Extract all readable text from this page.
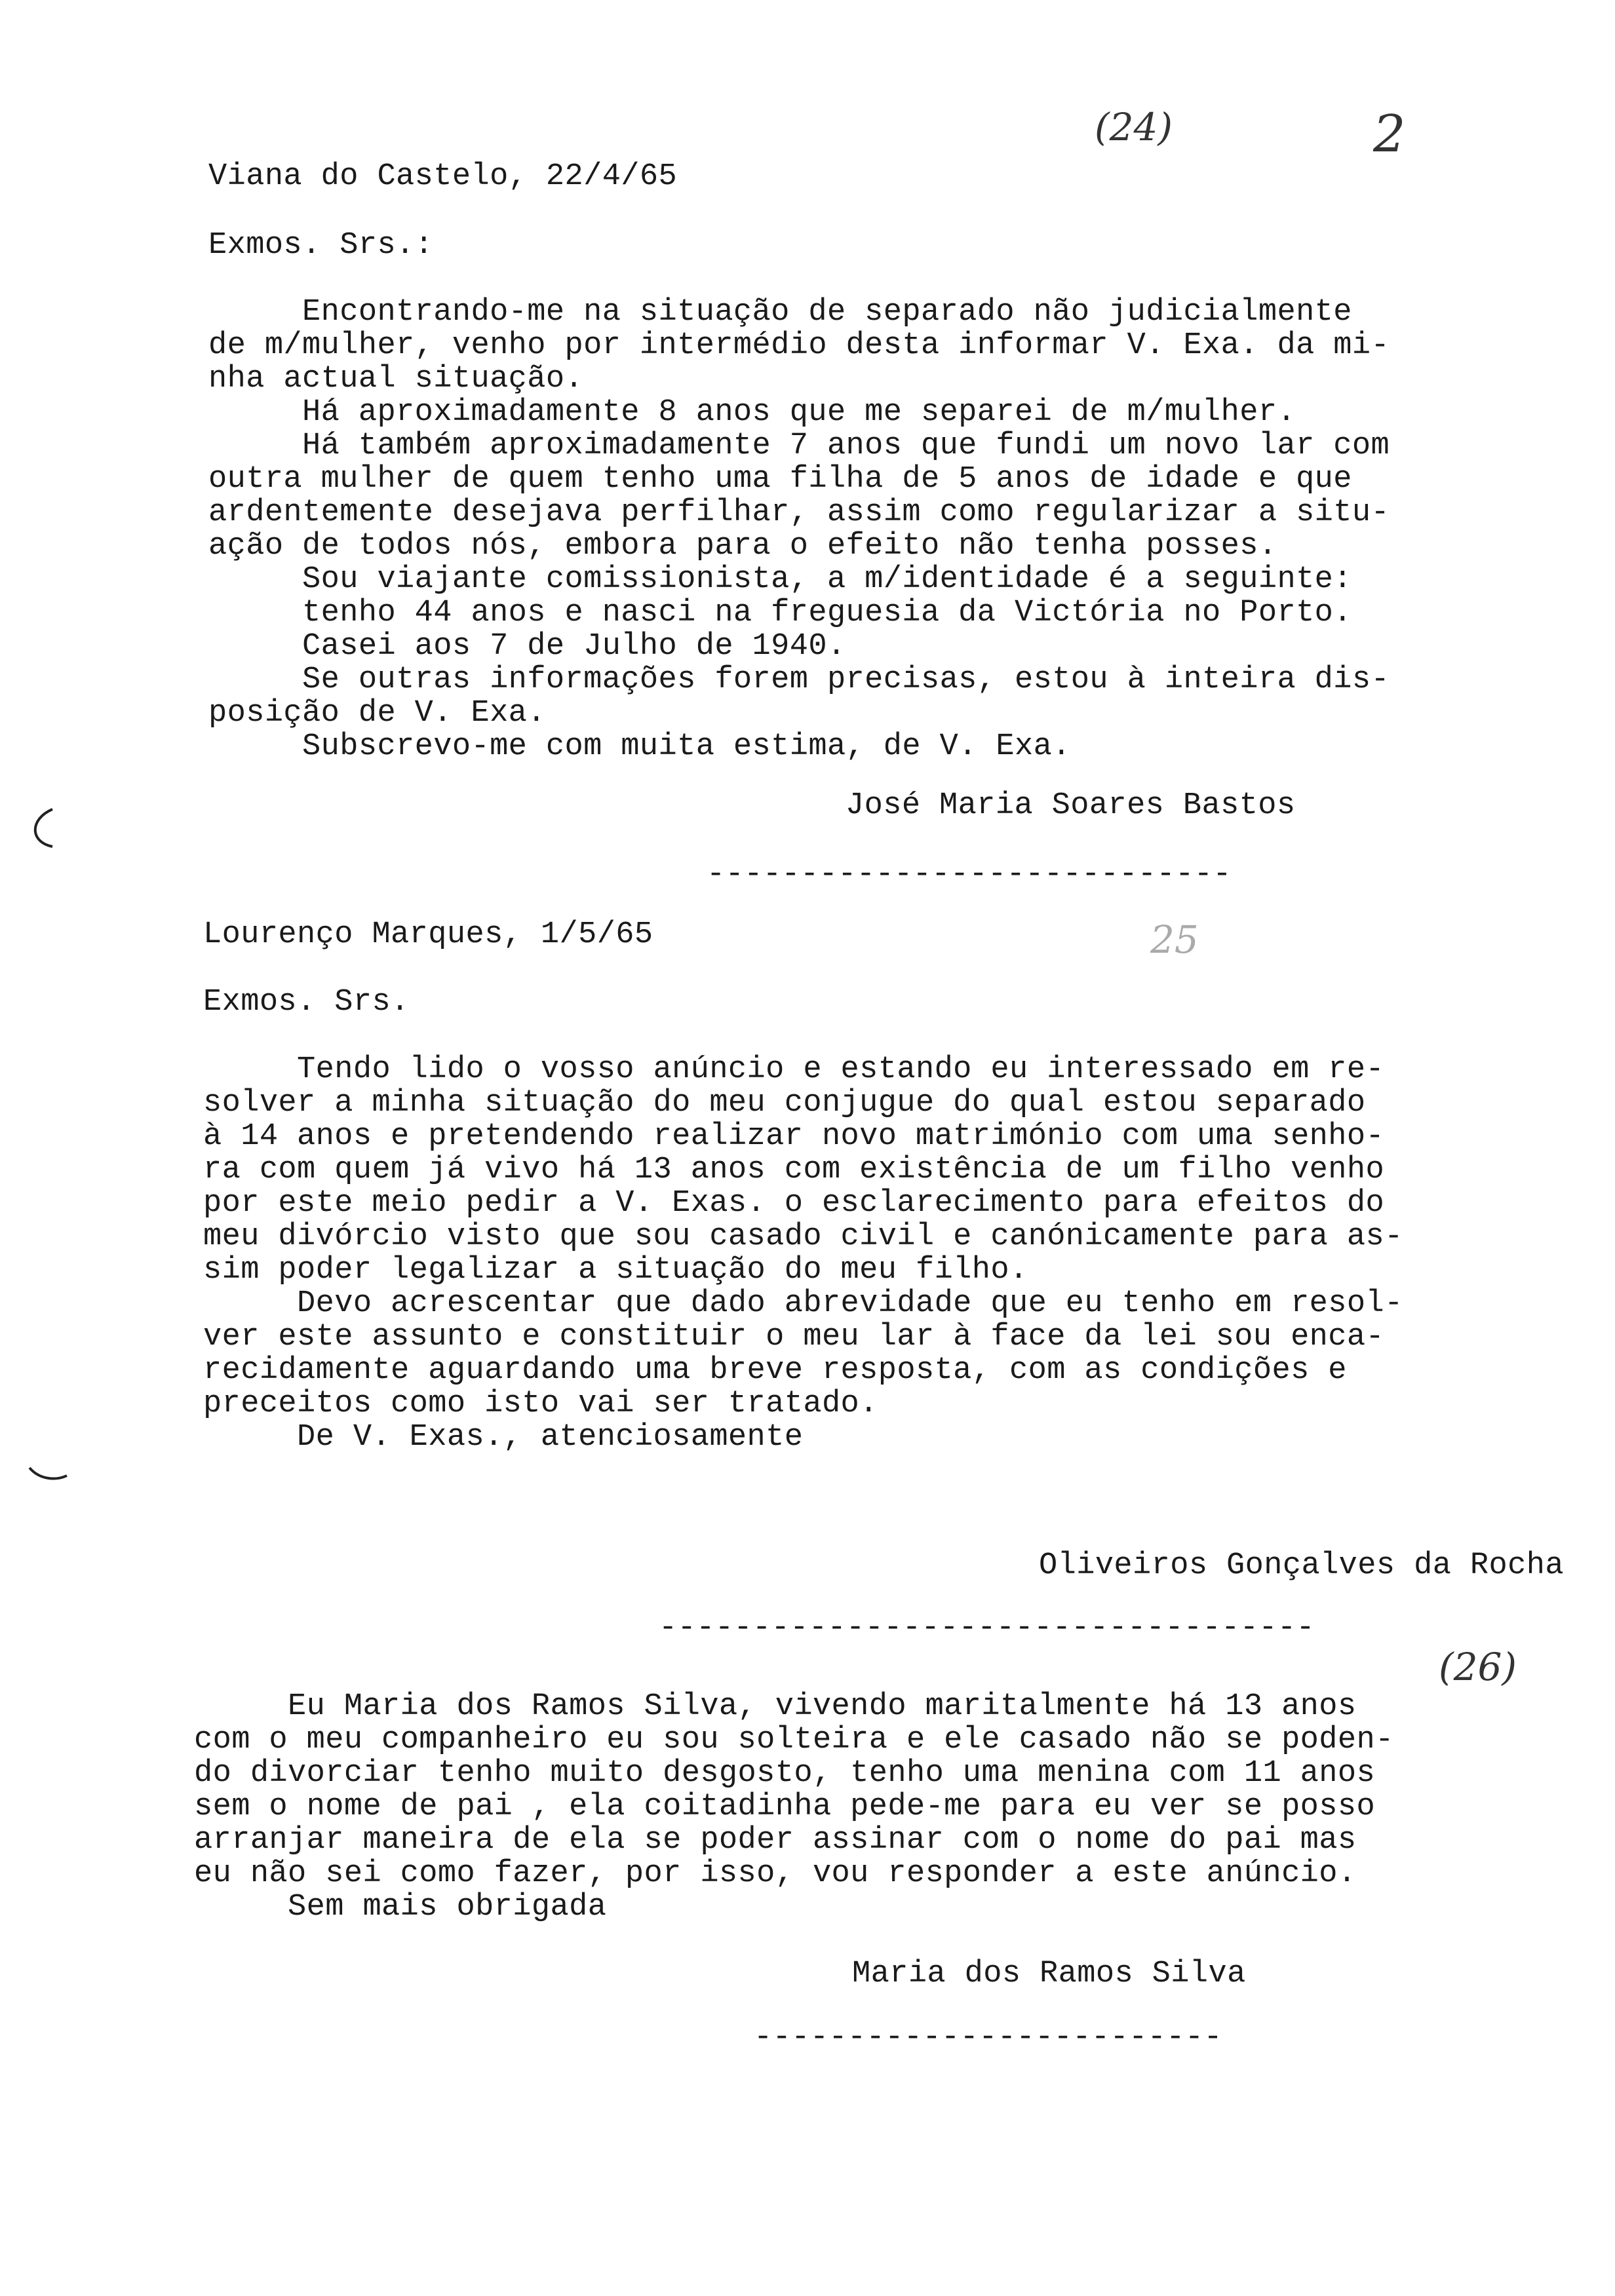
(24)	2
25
(26)
Viana do Castelo, 22/4/65
Exmos. Srs.:
Encontrando-me na situação de separado não judicialmente
de m/mulher, venho por intermédio desta informar V. Exa. da mi-
nha actual situação.
Há aproximadamente 8 anos que me separei de m/mulher.
Há também aproximadamente 7 anos que fundi um novo lar com
outra mulher de quem tenho uma filha de 5 anos de idade e que
ardentemente desejava perfilhar, assim como regularizar a situ-
ação de todos nós, embora para o efeito não tenha posses.
Sou viajante comissionista, a m/identidade é a seguinte:
tenho 44 anos e nasci na freguesia da Victória no Porto.
Casei aos 7 de Julho de 1940.
Se outras informações forem precisas, estou à inteira dis-
posição de V. Exa.
Subscrevo-me com muita estima, de V. Exa.
José Maria Soares Bastos
----------------------------
Lourenço Marques, 1/5/65
Exmos. Srs.
Tendo lido o vosso anúncio e estando eu interessado em re-
solver a minha situação do meu conjugue do qual estou separado
à 14 anos e pretendendo realizar novo matrimónio com uma senho-
ra com quem já vivo há 13 anos com existência de um filho venho
por este meio pedir a V. Exas. o esclarecimento para efeitos do
meu divórcio visto que sou casado civil e canónicamente para as-
sim poder legalizar a situação do meu filho.
Devo acrescentar que dado abrevidade que eu tenho em resol-
ver este assunto e constituir o meu lar à face da lei sou enca-
recidamente aguardando uma breve resposta, com as condições e
preceitos como isto vai ser tratado.
De V. Exas., atenciosamente
Oliveiros Gonçalves da Rocha
-----------------------------------
Eu Maria dos Ramos Silva, vivendo maritalmente há 13 anos
com o meu companheiro eu sou solteira e ele casado não se poden-
do divorciar tenho muito desgosto, tenho uma menina com 11 anos
sem o nome de pai , ela coitadinha pede-me para eu ver se posso
arranjar maneira de ela se poder assinar com o nome do pai mas
eu não sei como fazer, por isso, vou responder a este anúncio.
Sem mais obrigada
Maria dos Ramos Silva
-------------------------
